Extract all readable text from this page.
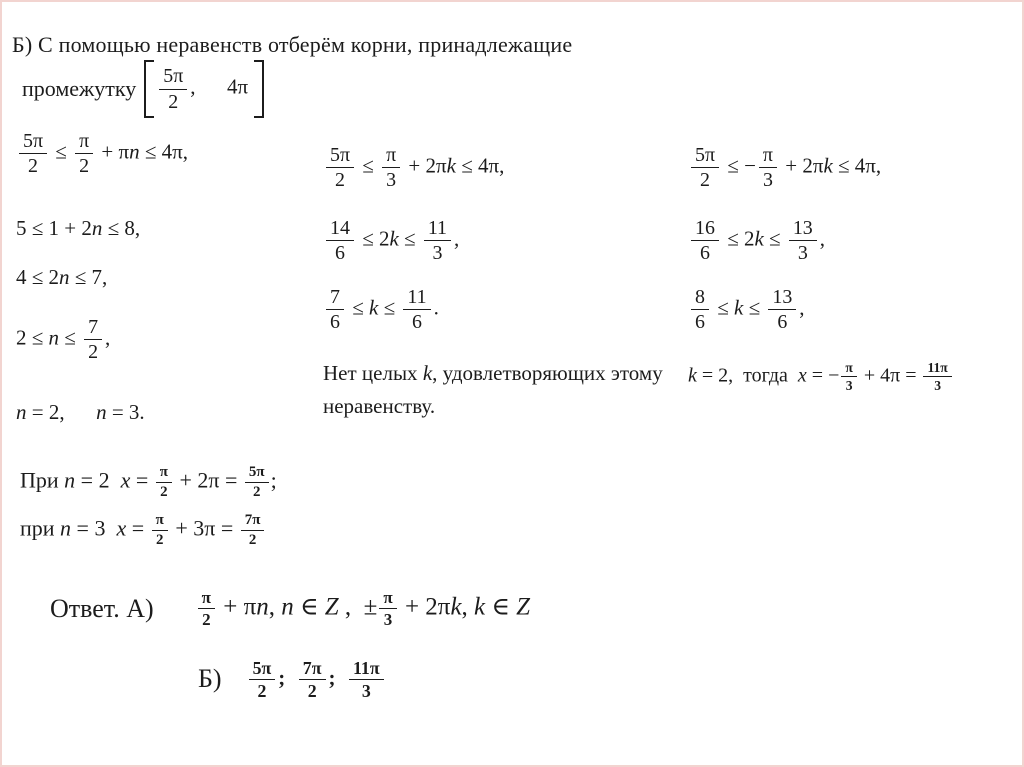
Б) С помощью неравенств отберём корни, принадлежащие
промежутку $\frac{5\pi}{2}$ ,      4π
$\frac{5\pi}{2} \le \frac{\pi}{2} + \pi n \le 4\pi$,
5 ≤ 1 + 2n ≤ 8,
4 ≤ 2n ≤ 7,
$2 \le n \le \frac{7}{2}$ ,
n = 2,      n = 3.
$\frac{5\pi}{2} \le \frac{\pi}{3} + 2\pi k \le 4\pi$,
$\frac{14}{6} \le 2k \le \frac{11}{3}$ ,
$\frac{7}{6} \le k \le \frac{11}{6}$ .
Нет целых k, удовлетворяющих этому неравенству.
$\frac{5\pi}{2}$ ≤ − $\frac{\pi}{3} + 2\pi k \le 4\pi$,
$\frac{16}{6} \le 2k \le \frac{13}{3}$ ,
$\frac{8}{6} \le k \le \frac{13}{6}$ ,
k = 2,  тогда  x = − $\frac{\pi}{3} + 4\pi = \frac{11\pi}{3}$
При n = 2  $x = \frac{\pi}{2} + 2\pi = \frac{5\pi}{2}$ ;
при n = 3  $x = \frac{\pi}{2} + 3\pi = \frac{7\pi}{2}$
Ответ. А)	$\frac{\pi}{2} + \pi n$, n ∈ Z ,  ± $\frac{\pi}{3} + 2\pi k$, k ∈ Z
$Б) \frac{5\pi}{2}$ ; $\frac{7\pi}{2}$ ; $\frac{11\pi}{3}$
